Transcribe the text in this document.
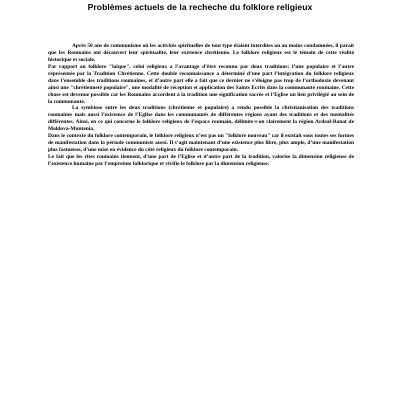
Problèmes actuels de la recheche du folklore religieux

Après 50 ans de communisme où les activités spirituelles de tout type étaient interdites ou au moins condamnées, il parait que les Roumains ont découvert leur spiritualité, leur existence chrétienne. Le folklore religieux est le témoin de cette réalité historique et sociale.

Par rapport au folklore "laïque", celui religieux a l’avantage d’être reconnu par deux traditions: l’une populaire et l’autre représentée par la Tradition Chrétienne. Cette double reconnaissance a déterminé d’une part l’intégration du folklore religieux dans l’ensemble des traditions roumaines, et d’autre part elle a fait que ce dernier ne s’éloigne pas trop de l’orthodoxie devenant ainsi une "chrétienneté populaire", une modalité de réception et application des Saints Ecrits dans la communauté roumaine. Cette chose est devenue possible car les Roumains accordent à la tradition une signification sacrée et l’Eglise un lien privilégié au sein de la communauté.

La symbiose entre les deux traditions (chrétienne et populaire) a rendu possible la christianisation des traditions roumaines mais aussi l’existence de l’Eglise dans les communautés de différentes régions ayant des traditions et des mentalités différentes. Ainsi, en ce qui concerne le folklore religieux de l’espace roumain, délimite-t-on clairement la région Ardeal-Banat de Moldova-Muntenia.

Dans le contexte du folklore contemporain, le folklore religieux n’est pas un "folklore nouveau" car il existait sous toutes ses formes de manifestation dans la période communiste aussi. Il s’agit maintenant d’une existence plus libre, plus ample, d’une manifestation plus fastueuse, d’une mise en évidence du côté religieux du folklore contemporain.

Le fait que les rites roumains tiennent, d’une part de l’Eglise et d’autre part de la tradition, valorise la dimension religieuse de l’existence humaine par l’empreinte folklorique et vivifie le folklore par la dimension religieuse.
